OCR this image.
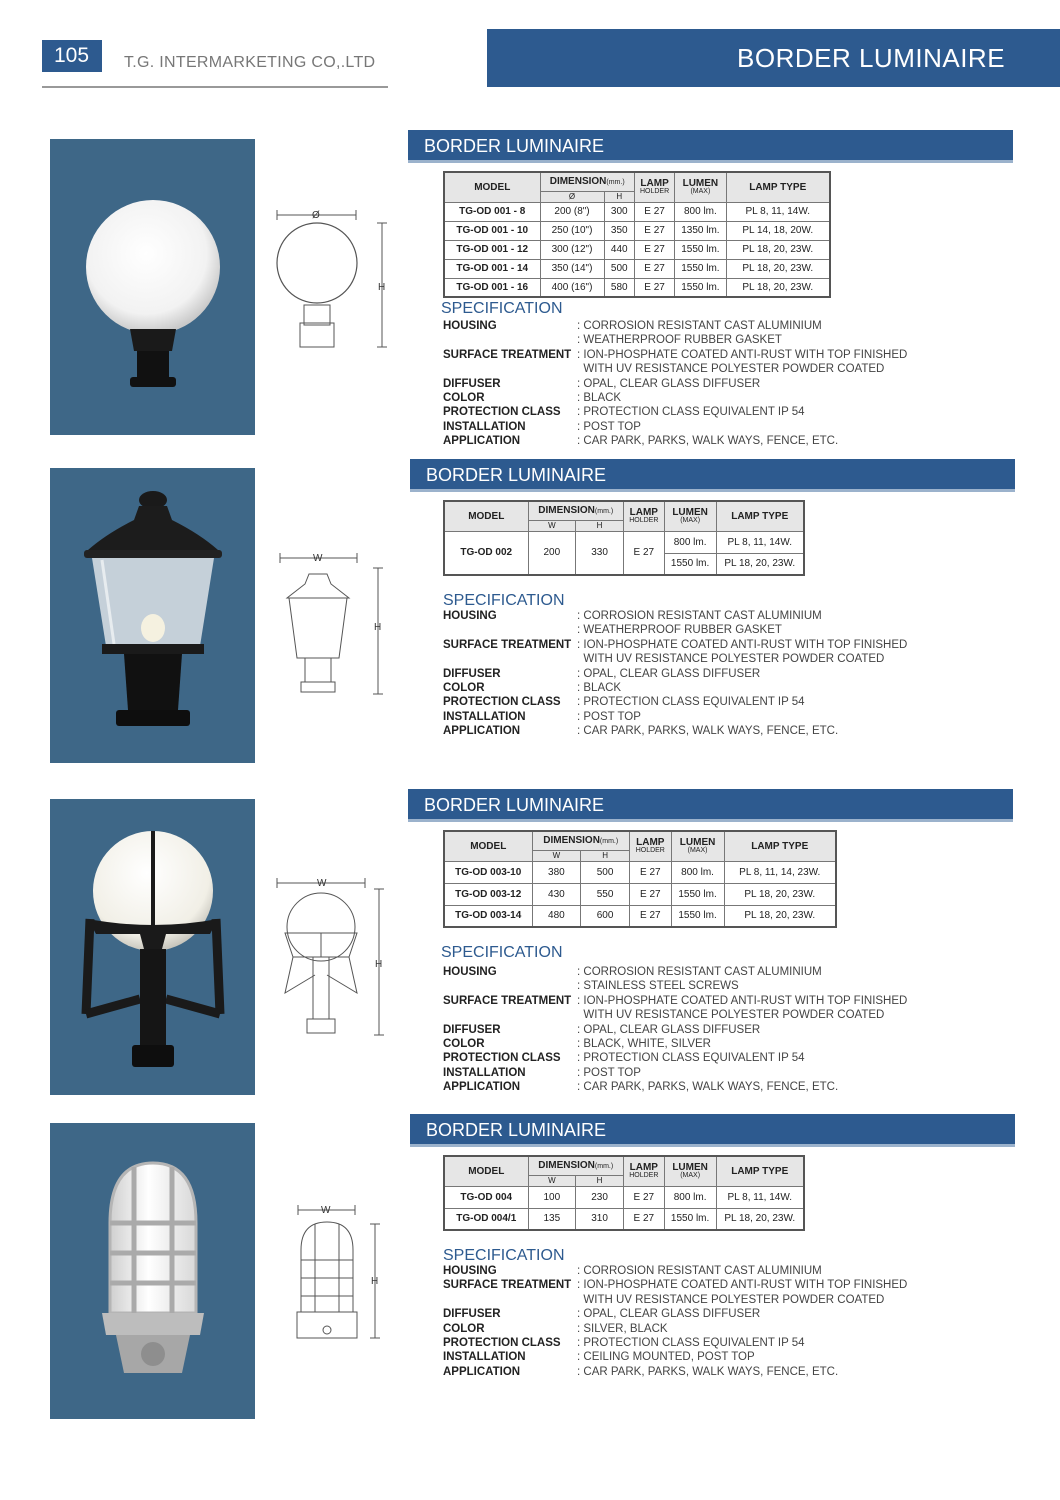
105	T.G. INTERMARKETING CO,.LTD	BORDER LUMINAIRE
Ø
H
BORDER LUMINAIRE
MODEL	DIMENSION(mm.)		LAMP
HOLDER	LUMEN
(MAX)	LAMP TYPE
	Ø	H			
TG-OD 001 - 8	200 (8")	300	E 27	800 lm.	PL 8, 11, 14W.
TG-OD 001 - 10	250 (10")	350	E 27	1350 lm.	PL 14, 18, 20W.
TG-OD 001 - 12	300 (12")	440	E 27	1550 lm.	PL 18, 20, 23W.
TG-OD 001 - 14	350 (14")	500	E 27	1550 lm.	PL 18, 20, 23W.
TG-OD 001 - 16	400 (16")	580	E 27	1550 lm.	PL 18, 20, 23W.
SPECIFICATION
HOUSING	: CORROSION RESISTANT CAST ALUMINIUM
: WEATHERPROOF RUBBER GASKET
SURFACE TREATMENT : ION-PHOSPHATE COATED ANTI-RUST WITH TOP FINISHED
WITH UV RESISTANCE POLYESTER POWDER COATED
DIFFUSER	: OPAL, CLEAR GLASS DIFFUSER
COLOR	: BLACK
PROTECTION CLASS	: PROTECTION CLASS EQUIVALENT IP 54
INSTALLATION	: POST TOP
APPLICATION	: CAR PARK, PARKS, WALK WAYS, FENCE, ETC.
W
H
BORDER LUMINAIRE
MODEL	DIMENSION(mm.)		LAMP
HOLDER	LUMEN
(MAX)	LAMP TYPE
	W	H			
TG-OD 002	200	330	E 27	800 lm.	PL 8, 11, 14W.
				1550 lm.	PL 18, 20, 23W.
SPECIFICATION
HOUSING	: CORROSION RESISTANT CAST ALUMINIUM
: WEATHERPROOF RUBBER GASKET
SURFACE TREATMENT : ION-PHOSPHATE COATED ANTI-RUST WITH TOP FINISHED
WITH UV RESISTANCE POLYESTER POWDER COATED
DIFFUSER	: OPAL, CLEAR GLASS DIFFUSER
COLOR	: BLACK
PROTECTION CLASS	: PROTECTION CLASS EQUIVALENT IP 54
INSTALLATION	: POST TOP
APPLICATION	: CAR PARK, PARKS, WALK WAYS, FENCE, ETC.
W
H
BORDER LUMINAIRE
MODEL	DIMENSION(mm.)		LAMP
HOLDER	LUMEN
(MAX)	LAMP TYPE
	W	H			
TG-OD 003-10	380	500	E 27	800 lm.	PL 8, 11, 14, 23W.
TG-OD 003-12	430	550	E 27	1550 lm.	PL 18, 20, 23W.
TG-OD 003-14	480	600	E 27	1550 lm.	PL 18, 20, 23W.
SPECIFICATION
HOUSING	: CORROSION RESISTANT CAST ALUMINIUM
: STAINLESS STEEL SCREWS
SURFACE TREATMENT : ION-PHOSPHATE COATED ANTI-RUST WITH TOP FINISHED
WITH UV RESISTANCE POLYESTER POWDER COATED
DIFFUSER	: OPAL, CLEAR GLASS DIFFUSER
COLOR	: BLACK, WHITE, SILVER
PROTECTION CLASS	: PROTECTION CLASS EQUIVALENT IP 54
INSTALLATION	: POST TOP
APPLICATION	: CAR PARK, PARKS, WALK WAYS, FENCE, ETC.
W
H
BORDER LUMINAIRE
MODEL	DIMENSION(mm.)		LAMP
HOLDER	LUMEN
(MAX)	LAMP TYPE
	W	H			
TG-OD 004	100	230	E 27	800 lm.	PL 8, 11, 14W.
TG-OD 004/1	135	310	E 27	1550 lm.	PL 18, 20, 23W.
SPECIFICATION
HOUSING	: CORROSION RESISTANT CAST ALUMINIUM
SURFACE TREATMENT : ION-PHOSPHATE COATED ANTI-RUST WITH TOP FINISHED
WITH UV RESISTANCE POLYESTER POWDER COATED
DIFFUSER	: OPAL, CLEAR GLASS DIFFUSER
COLOR	: SILVER, BLACK
PROTECTION CLASS	: PROTECTION CLASS EQUIVALENT IP 54
INSTALLATION	: CEILING MOUNTED, POST TOP
APPLICATION	: CAR PARK, PARKS, WALK WAYS, FENCE, ETC.
